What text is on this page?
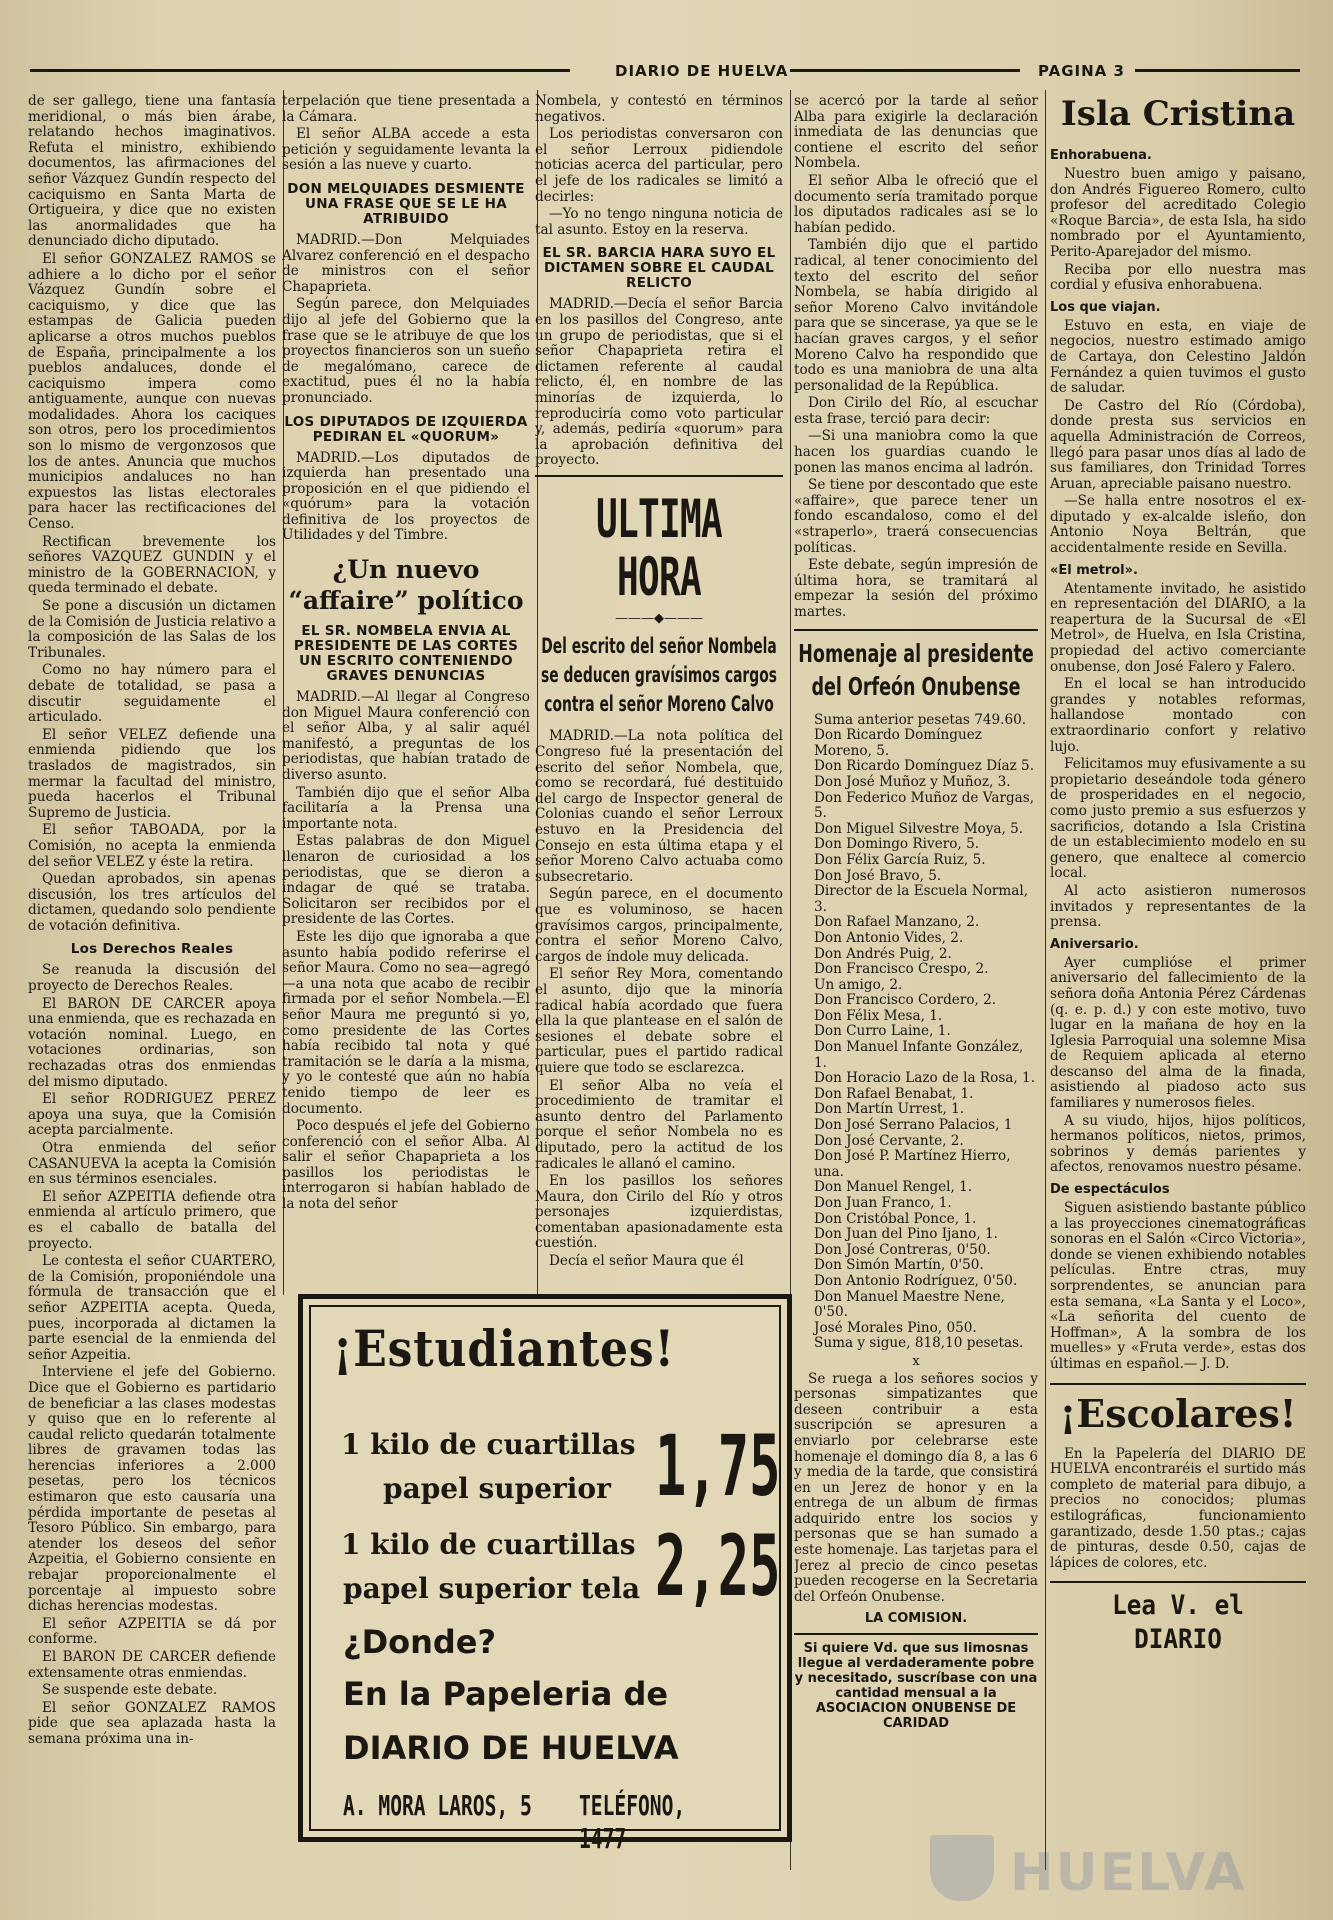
DIARIO DE HUELVA	PAGINA 3

de ser gallego, tiene una fantasía meridional, o más bien árabe, relatando hechos imaginativos. Refuta el ministro, exhibiendo documentos, las afirmaciones del señor Vázquez Gundín respecto del caciquismo en Santa Marta de Ortigueira, y dice que no existen las anormalidades que ha denunciado dicho diputado.

El señor GONZALEZ RAMOS se adhiere a lo dicho por el señor Vázquez Gundín sobre el caciquismo, y dice que las estampas de Galicia pueden aplicarse a otros muchos pueblos de España, principalmente a los pueblos andaluces, donde el caciquismo impera como antiguamente, aunque con nuevas modalidades. Ahora los caciques son otros, pero los procedimientos son lo mismo de vergonzosos que los de antes. Anuncia que muchos municipios andaluces no han expuestos las listas electorales para hacer las rectificaciones del Censo.

Rectifican brevemente los señores VAZQUEZ GUNDIN y el ministro de la GOBERNACION, y queda terminado el debate.

Se pone a discusión un dictamen de la Comisión de Justicia relativo a la composición de las Salas de los Tribunales.

Como no hay número para el debate de totalidad, se pasa a discutir seguidamente el articulado.

El señor VELEZ defiende una enmienda pidiendo que los traslados de magistrados, sin mermar la facultad del ministro, pueda hacerlos el Tribunal Supremo de Justicia.

El señor TABOADA, por la Comisión, no acepta la enmienda del señor VELEZ y éste la retira.

Quedan aprobados, sin apenas discusión, los tres artículos del dictamen, quedando solo pendiente de votación definitiva.

Los Derechos Reales

Se reanuda la discusión del proyecto de Derechos Reales.

El BARON DE CARCER apoya una enmienda, que es rechazada en votación nominal. Luego, en votaciones ordinarias, son rechazadas otras dos enmiendas del mismo diputado.

El señor RODRIGUEZ PEREZ apoya una suya, que la Comisión acepta parcialmente.

Otra enmienda del señor CASANUEVA la acepta la Comisión en sus términos esenciales.

El señor AZPEITIA defiende otra enmienda al artículo primero, que es el caballo de batalla del proyecto.

Le contesta el señor CUARTERO, de la Comisión, proponiéndole una fórmula de transacción que el señor AZPEITIA acepta. Queda, pues, incorporada al dictamen la parte esencial de la enmienda del señor Azpeitia.

Interviene el jefe del Gobierno. Dice que el Gobierno es partidario de beneficiar a las clases modestas y quiso que en lo referente al caudal relicto quedarán totalmente libres de gravamen todas las herencias inferiores a 2.000 pesetas, pero los técnicos estimaron que esto causaría una pérdida importante de pesetas al Tesoro Público. Sin embargo, para atender los deseos del señor Azpeitia, el Gobierno consiente en rebajar proporcionalmente el porcentaje al impuesto sobre dichas herencias modestas.

El señor AZPEITIA se dá por conforme.

El BARON DE CARCER defiende extensamente otras enmiendas.

Se suspende este debate.

El señor GONZALEZ RAMOS pide que sea aplazada hasta la semana próxima una in-

terpelación que tiene presentada a la Cámara.

El señor ALBA accede a esta petición y seguidamente levanta la sesión a las nueve y cuarto.

DON MELQUIADES DESMIENTE UNA FRASE QUE SE LE HA ATRIBUIDO

MADRID.—Don Melquiades Alvarez conferenció en el despacho de ministros con el señor Chapaprieta.

Según parece, don Melquiades dijo al jefe del Gobierno que la frase que se le atribuye de que los proyectos financieros son un sueño de megalómano, carece de exactitud, pues él no la había pronunciado.

LOS DIPUTADOS DE IZQUIERDA PEDIRAN EL «QUORUM»

MADRID.—Los diputados de izquierda han presentado una proposición en el que pidiendo el «quórum» para la votación definitiva de los proyectos de Utilidades y del Timbre.

¿Un nuevo “affaire” político
EL SR. NOMBELA ENVIA AL PRESIDENTE DE LAS CORTES UN ESCRITO CONTENIENDO GRAVES DENUNCIAS

MADRID.—Al llegar al Congreso don Miguel Maura conferenció con el señor Alba, y al salir aquél manifestó, a preguntas de los periodistas, que habían tratado de diverso asunto.

También dijo que el señor Alba facilitaría a la Prensa una importante nota.

Estas palabras de don Miguel llenaron de curiosidad a los periodistas, que se dieron a indagar de qué se trataba. Solicitaron ser recibidos por el presidente de las Cortes.

Este les dijo que ignoraba a que asunto había podido referirse el señor Maura. Como no sea—agregó—a una nota que acabo de recibir firmada por el señor Nombela.—El señor Maura me preguntó si yo, como presidente de las Cortes había recibido tal nota y qué tramitación se le daría a la misma, y yo le contesté que aún no había tenido tiempo de leer es documento.

Poco después el jefe del Gobierno conferenció con el señor Alba. Al salir el señor Chapaprieta a los pasillos los periodistas le interrogaron si habían hablado de la nota del señor

Nombela, y contestó en términos negativos.

Los periodistas conversaron con el señor Lerroux pidiendole noticias acerca del particular, pero el jefe de los radicales se limitó a decirles:

—Yo no tengo ninguna noticia de tal asunto. Estoy en la reserva.

EL SR. BARCIA HARA SUYO EL DICTAMEN SOBRE EL CAUDAL RELICTO

MADRID.—Decía el señor Barcia en los pasillos del Congreso, ante un grupo de periodistas, que si el señor Chapaprieta retira el dictamen referente al caudal relicto, él, en nombre de las minorías de izquierda, lo reproduciría como voto particular y, además, pediría «quorum» para la aprobación definitiva del proyecto.

ULTIMA HORA
———◆———
Del escrito del señor Nombela se deducen gravísimos cargos contra el señor Moreno Calvo

MADRID.—La nota política del Congreso fué la presentación del escrito del señor Nombela, que, como se recordará, fué destituido del cargo de Inspector general de Colonias cuando el señor Lerroux estuvo en la Presidencia del Consejo en esta última etapa y el señor Moreno Calvo actuaba como subsecretario.

Según parece, en el documento que es voluminoso, se hacen gravísimos cargos, principalmente, contra el señor Moreno Calvo, cargos de índole muy delicada.

El señor Rey Mora, comentando el asunto, dijo que la minoría radical había acordado que fuera ella la que plantease en el salón de sesiones el debate sobre el particular, pues el partido radical quiere que todo se esclarezca.

El señor Alba no veía el procedimiento de tramitar el asunto dentro del Parlamento porque el señor Nombela no es diputado, pero la actitud de los radicales le allanó el camino.

En los pasillos los señores Maura, don Cirilo del Río y otros personajes izquierdistas, comentaban apasionadamente esta cuestión.

Decía el señor Maura que él

se acercó por la tarde al señor Alba para exigirle la declaración inmediata de las denuncias que contiene el escrito del señor Nombela.

El señor Alba le ofreció que el documento sería tramitado porque los diputados radicales así se lo habían pedido.

También dijo que el partido radical, al tener conocimiento del texto del escrito del señor Nombela, se había dirigido al señor Moreno Calvo invitándole para que se sincerase, ya que se le hacían graves cargos, y el señor Moreno Calvo ha respondido que todo es una maniobra de una alta personalidad de la República.

Don Cirilo del Río, al escuchar esta frase, terció para decir:

—Si una maniobra como la que hacen los guardias cuando le ponen las manos encima al ladrón.

Se tiene por descontado que este «affaire», que parece tener un fondo escandaloso, como el del «straperlo», traerá consecuencias políticas.

Este debate, según impresión de última hora, se tramitará al empezar la sesión del próximo martes.

Homenaje al presidente del Orfeón Onubense

Suma anterior pesetas 749.60.

Don Ricardo Domínguez Moreno, 5.

Don Ricardo Domínguez Díaz 5.

Don José Muñoz y Muñoz, 3.

Don Federico Muñoz de Vargas, 5.

Don Miguel Silvestre Moya, 5.

Don Domingo Rivero, 5.

Don Félix García Ruiz, 5.

Don José Bravo, 5.

Director de la Escuela Normal, 3.

Don Rafael Manzano, 2.

Don Antonio Vides, 2.

Don Andrés Puig, 2.

Don Francisco Crespo, 2.

Un amigo, 2.

Don Francisco Cordero, 2.

Don Félix Mesa, 1.

Don Curro Laine, 1.

Don Manuel Infante González, 1.

Don Horacio Lazo de la Rosa, 1.

Don Rafael Benabat, 1.

Don Martín Urrest, 1.

Don José Serrano Palacios, 1

Don José Cervante, 2.

Don José P. Martínez Hierro, una.

Don Manuel Rengel, 1.

Don Juan Franco, 1.

Don Cristóbal Ponce, 1.

Don Juan del Pino Ijano, 1.

Don José Contreras, 0'50.

Don Simón Martín, 0'50.

Don Antonio Rodríguez, 0'50.

Don Manuel Maestre Nene, 0'50.

José Morales Pino, 050.

Suma y sigue, 818,10 pesetas.

x

Se ruega a los señores socios y personas simpatizantes que deseen contribuir a esta suscripción se apresuren a enviarlo por celebrarse este homenaje el domingo día 8, a las 6 y media de la tarde, que consistirá en un Jerez de honor y en la entrega de un album de firmas adquirido entre los socios y personas que se han sumado a este homenaje. Las tarjetas para el Jerez al precio de cinco pesetas pueden recogerse en la Secretaria del Orfeón Onubense.

LA COMISION.
Si quiere Vd. que sus limosnas llegue al verdaderamente pobre y necesitado, suscríbase con una cantidad mensual a la ASOCIACION ONUBENSE DE CARIDAD
Isla Cristina
Enhorabuena.

Nuestro buen amigo y paisano, don Andrés Figuereo Romero, culto profesor del acreditado Colegio «Roque Barcia», de esta Isla, ha sido nombrado por el Ayuntamiento, Perito-Aparejador del mismo.

Reciba por ello nuestra mas cordial y efusiva enhorabuena.

Los que viajan.

Estuvo en esta, en viaje de negocios, nuestro estimado amigo de Cartaya, don Celestino Jaldón Fernández a quien tuvimos el gusto de saludar.

De Castro del Río (Córdoba), donde presta sus servicios en aquella Administración de Correos, llegó para pasar unos días al lado de sus familiares, don Trinidad Torres Aruan, apreciable paisano nuestro.

—Se halla entre nosotros el ex-diputado y ex-alcalde isleño, don Antonio Noya Beltrán, que accidentalmente reside en Sevilla.

«El metrol».

Atentamente invitado, he asistido en representación del DIARIO, a la reapertura de la Sucursal de «El Metrol», de Huelva, en Isla Cristina, propiedad del activo comerciante onubense, don José Falero y Falero.

En el local se han introducido grandes y notables reformas, hallandose montado con extraordinario confort y relativo lujo.

Felicitamos muy efusivamente a su propietario deseándole toda género de prosperidades en el negocio, como justo premio a sus esfuerzos y sacrificios, dotando a Isla Cristina de un establecimiento modelo en su genero, que enaltece al comercio local.

Al acto asistieron numerosos invitados y representantes de la prensa.

Aniversario.

Ayer cumplióse el primer aniversario del fallecimiento de la señora doña Antonia Pérez Cárdenas (q. e. p. d.) y con este motivo, tuvo lugar en la mañana de hoy en la Iglesia Parroquial una solemne Misa de Requiem aplicada al eterno descanso del alma de la finada, asistiendo al piadoso acto sus familiares y numerosos fieles.

A su viudo, hijos, hijos políticos, hermanos políticos, nietos, primos, sobrinos y demás parientes y afectos, renovamos nuestro pésame.

De espectáculos

Siguen asistiendo bastante público a las proyecciones cinematográficas sonoras en el Salón «Circo Victoria», donde se vienen exhibiendo notables películas. Entre ctras, muy sorprendentes, se anuncian para esta semana, «La Santa y el Loco», «La señorita del cuento de Hoffman», A la sombra de los muelles» y «Fruta verde», estas dos últimas en español.— J. D.

¡Escolares!

En la Papelería del DIARIO DE HUELVA encontraréis el surtido más completo de material para dibujo, a precios no conocidos; plumas estilográficas, funcionamiento garantizado, desde 1.50 ptas.; cajas de pinturas, desde 0.50, cajas de lápices de colores, etc.

Lea V. el DIARIO
¡Estudiantes!
1 kilo de cuartillas
papel superior 1,75
1 kilo de cuartillas
papel superior tela 2,25
¿Donde?
En la Papeleria de
DIARIO DE HUELVA
A. MORA LAROS, 5 TELÉFONO, 1477
HUELVA
